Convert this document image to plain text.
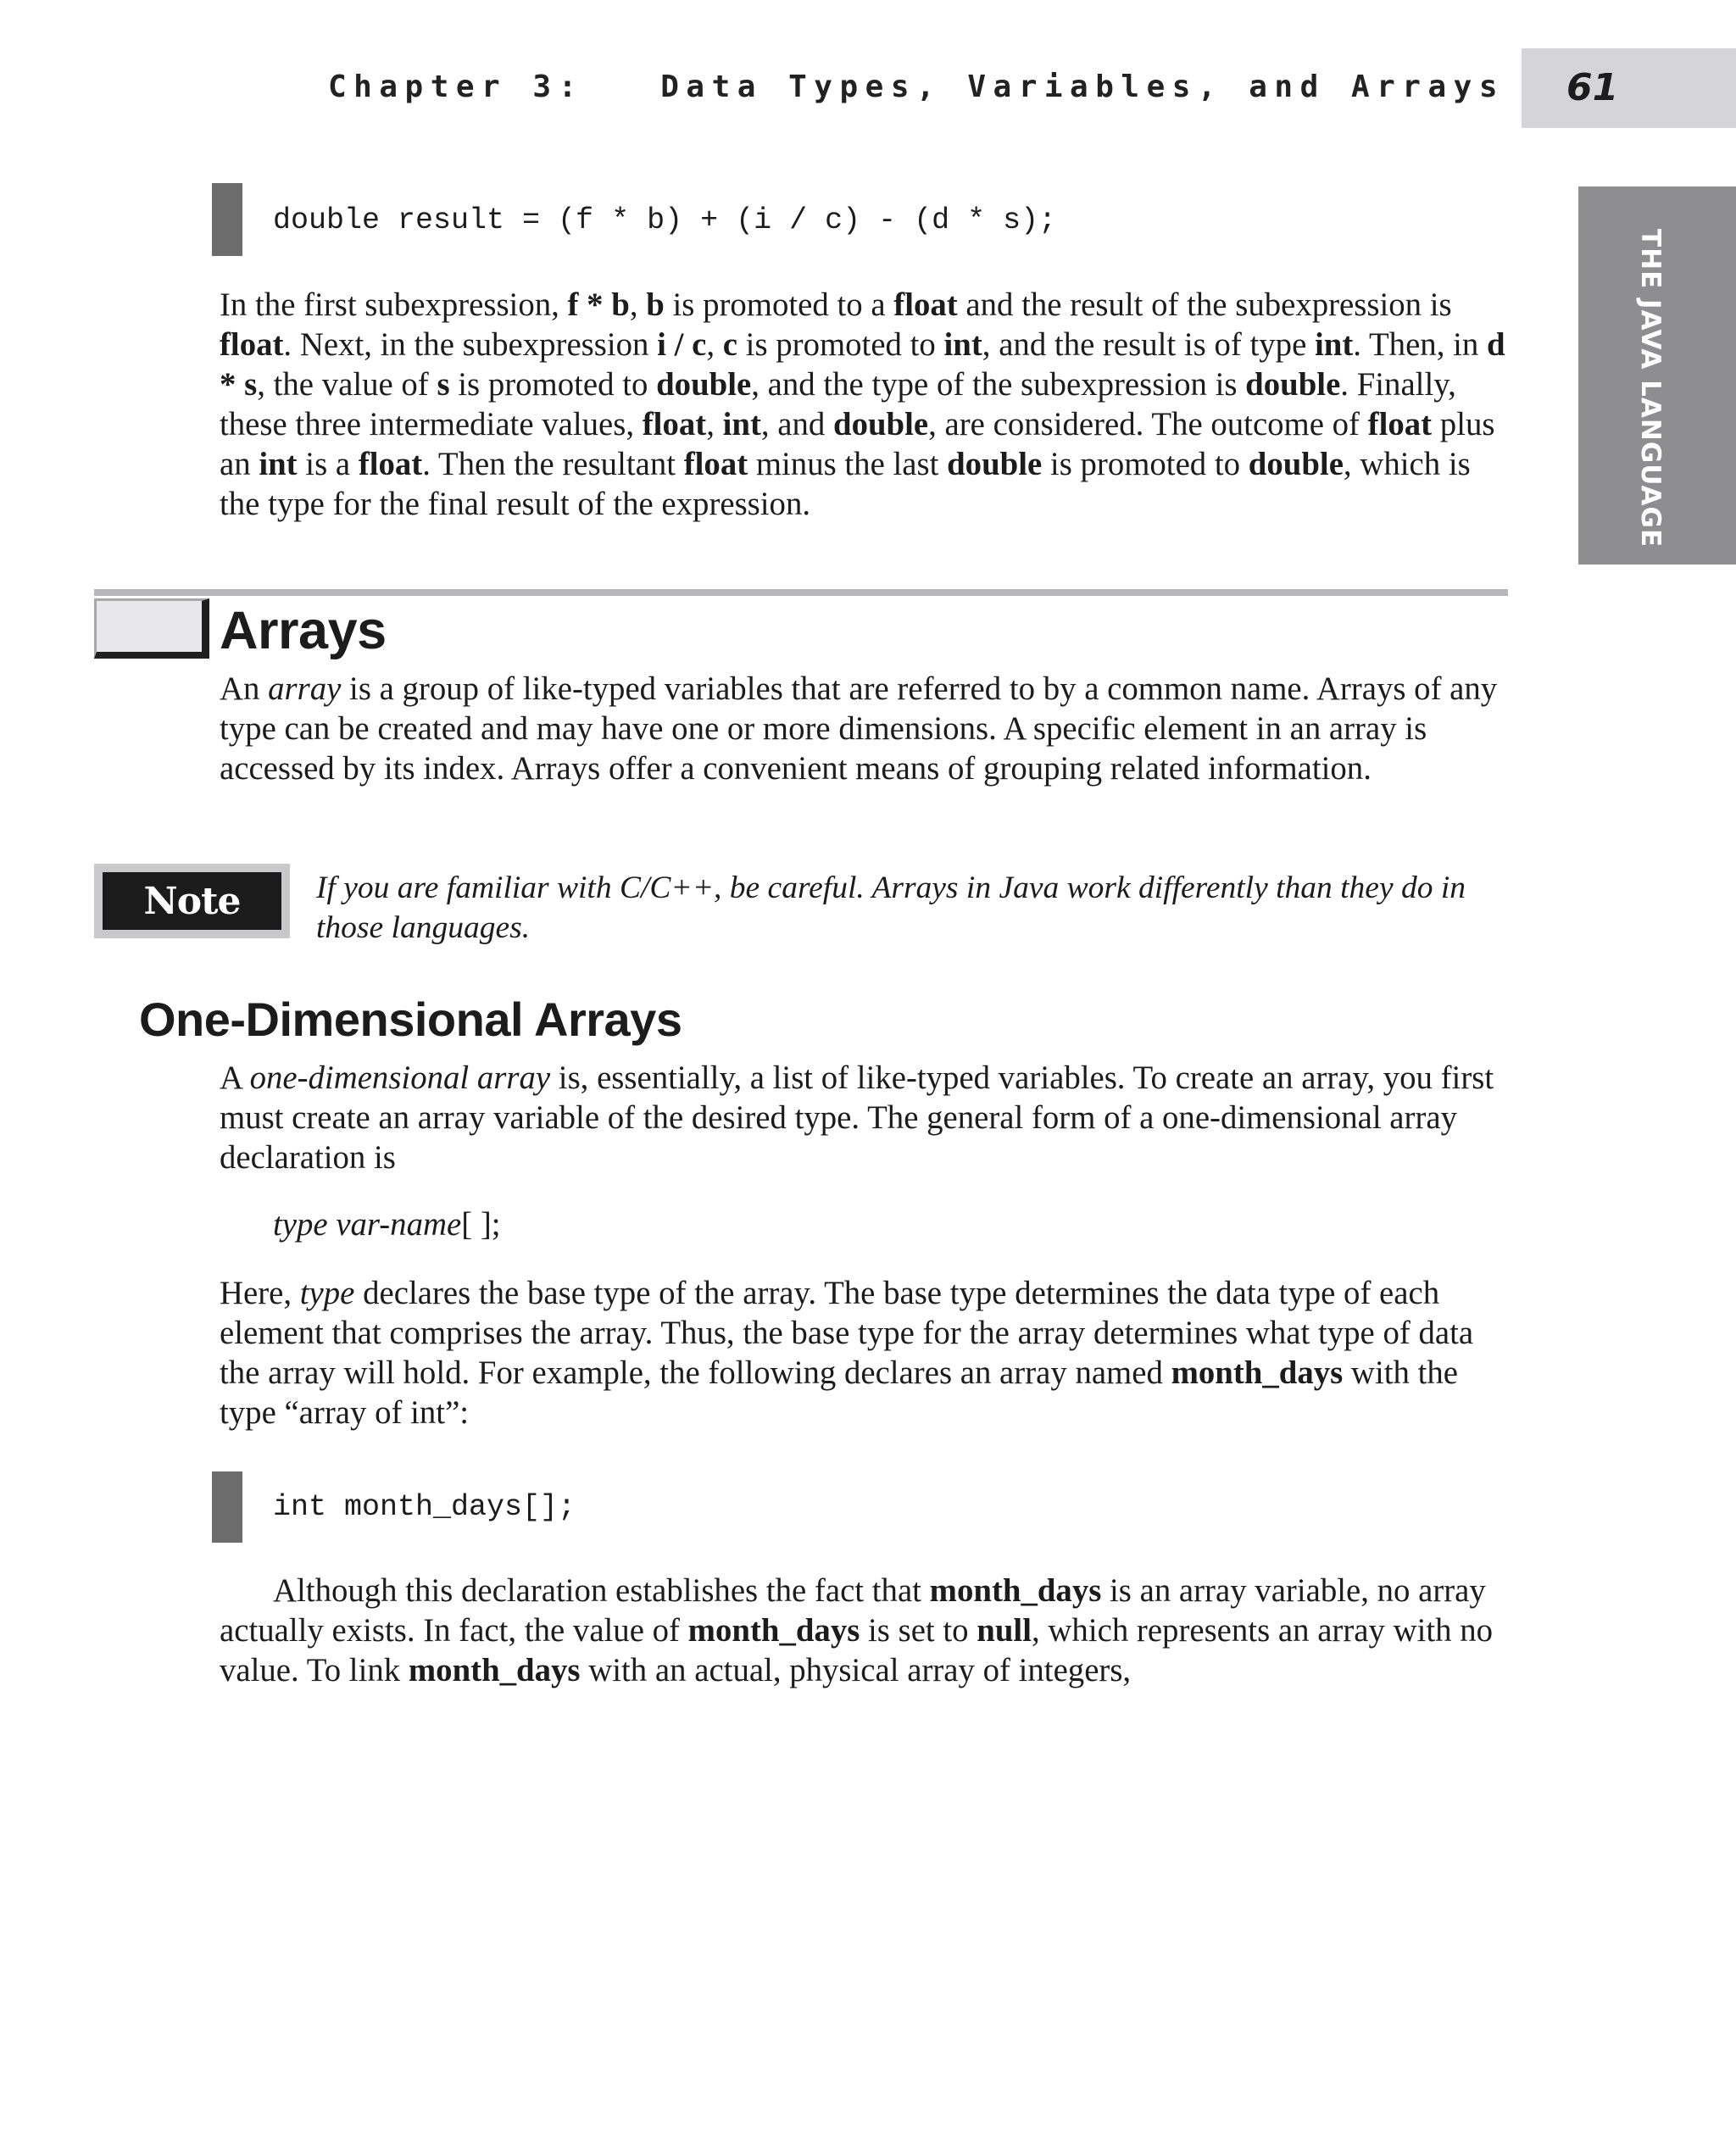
Chapter 3:   Data Types, Variables, and Arrays 61
THE JAVA LANGUAGE
double result = (f * b) + (i / c) - (d * s);

In the first subexpression, f * b, b is promoted to a float and the result of the subexpression is float. Next, in the subexpression i / c, c is promoted to int, and the result is of type int. Then, in d * s, the value of s is promoted to double, and the type of the subexpression is double. Finally, these three intermediate values, float, int, and double, are considered. The outcome of float plus an int is a float. Then the resultant float minus the last double is promoted to double, which is the type for the final result of the expression.

Arrays

An array is a group of like-typed variables that are referred to by a common name. Arrays of any type can be created and may have one or more dimensions. A specific element in an array is accessed by its index. Arrays offer a convenient means of grouping related information.

Note	If you are familiar with C/C++, be careful. Arrays in Java work differently than they do in those languages.

One-Dimensional Arrays

A one-dimensional array is, essentially, a list of like-typed variables. To create an array, you first must create an array variable of the desired type. The general form of a one-dimensional array declaration is

type var-name[ ];

Here, type declares the base type of the array. The base type determines the data type of each element that comprises the array. Thus, the base type for the array determines what type of data the array will hold. For example, the following declares an array named month_days with the type “array of int”:

int month_days[];

Although this declaration establishes the fact that month_days is an array variable, no array actually exists. In fact, the value of month_days is set to null, which represents an array with no value. To link month_days with an actual, physical array of integers,
